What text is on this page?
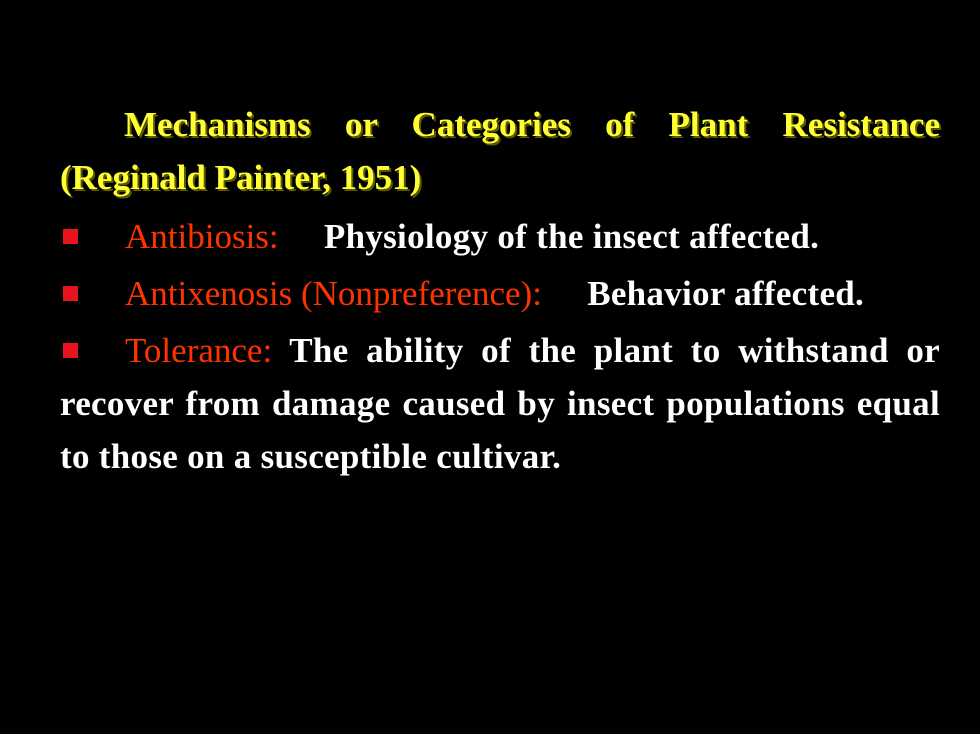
Mechanisms or Categories of Plant Resistance (Reginald Painter, 1951)

Antibiosis: Physiology of the insect affected.

Antixenosis (Nonpreference): Behavior affected.

Tolerance: The ability of the plant to withstand or recover from damage caused by insect populations equal to those on a susceptible cultivar.
